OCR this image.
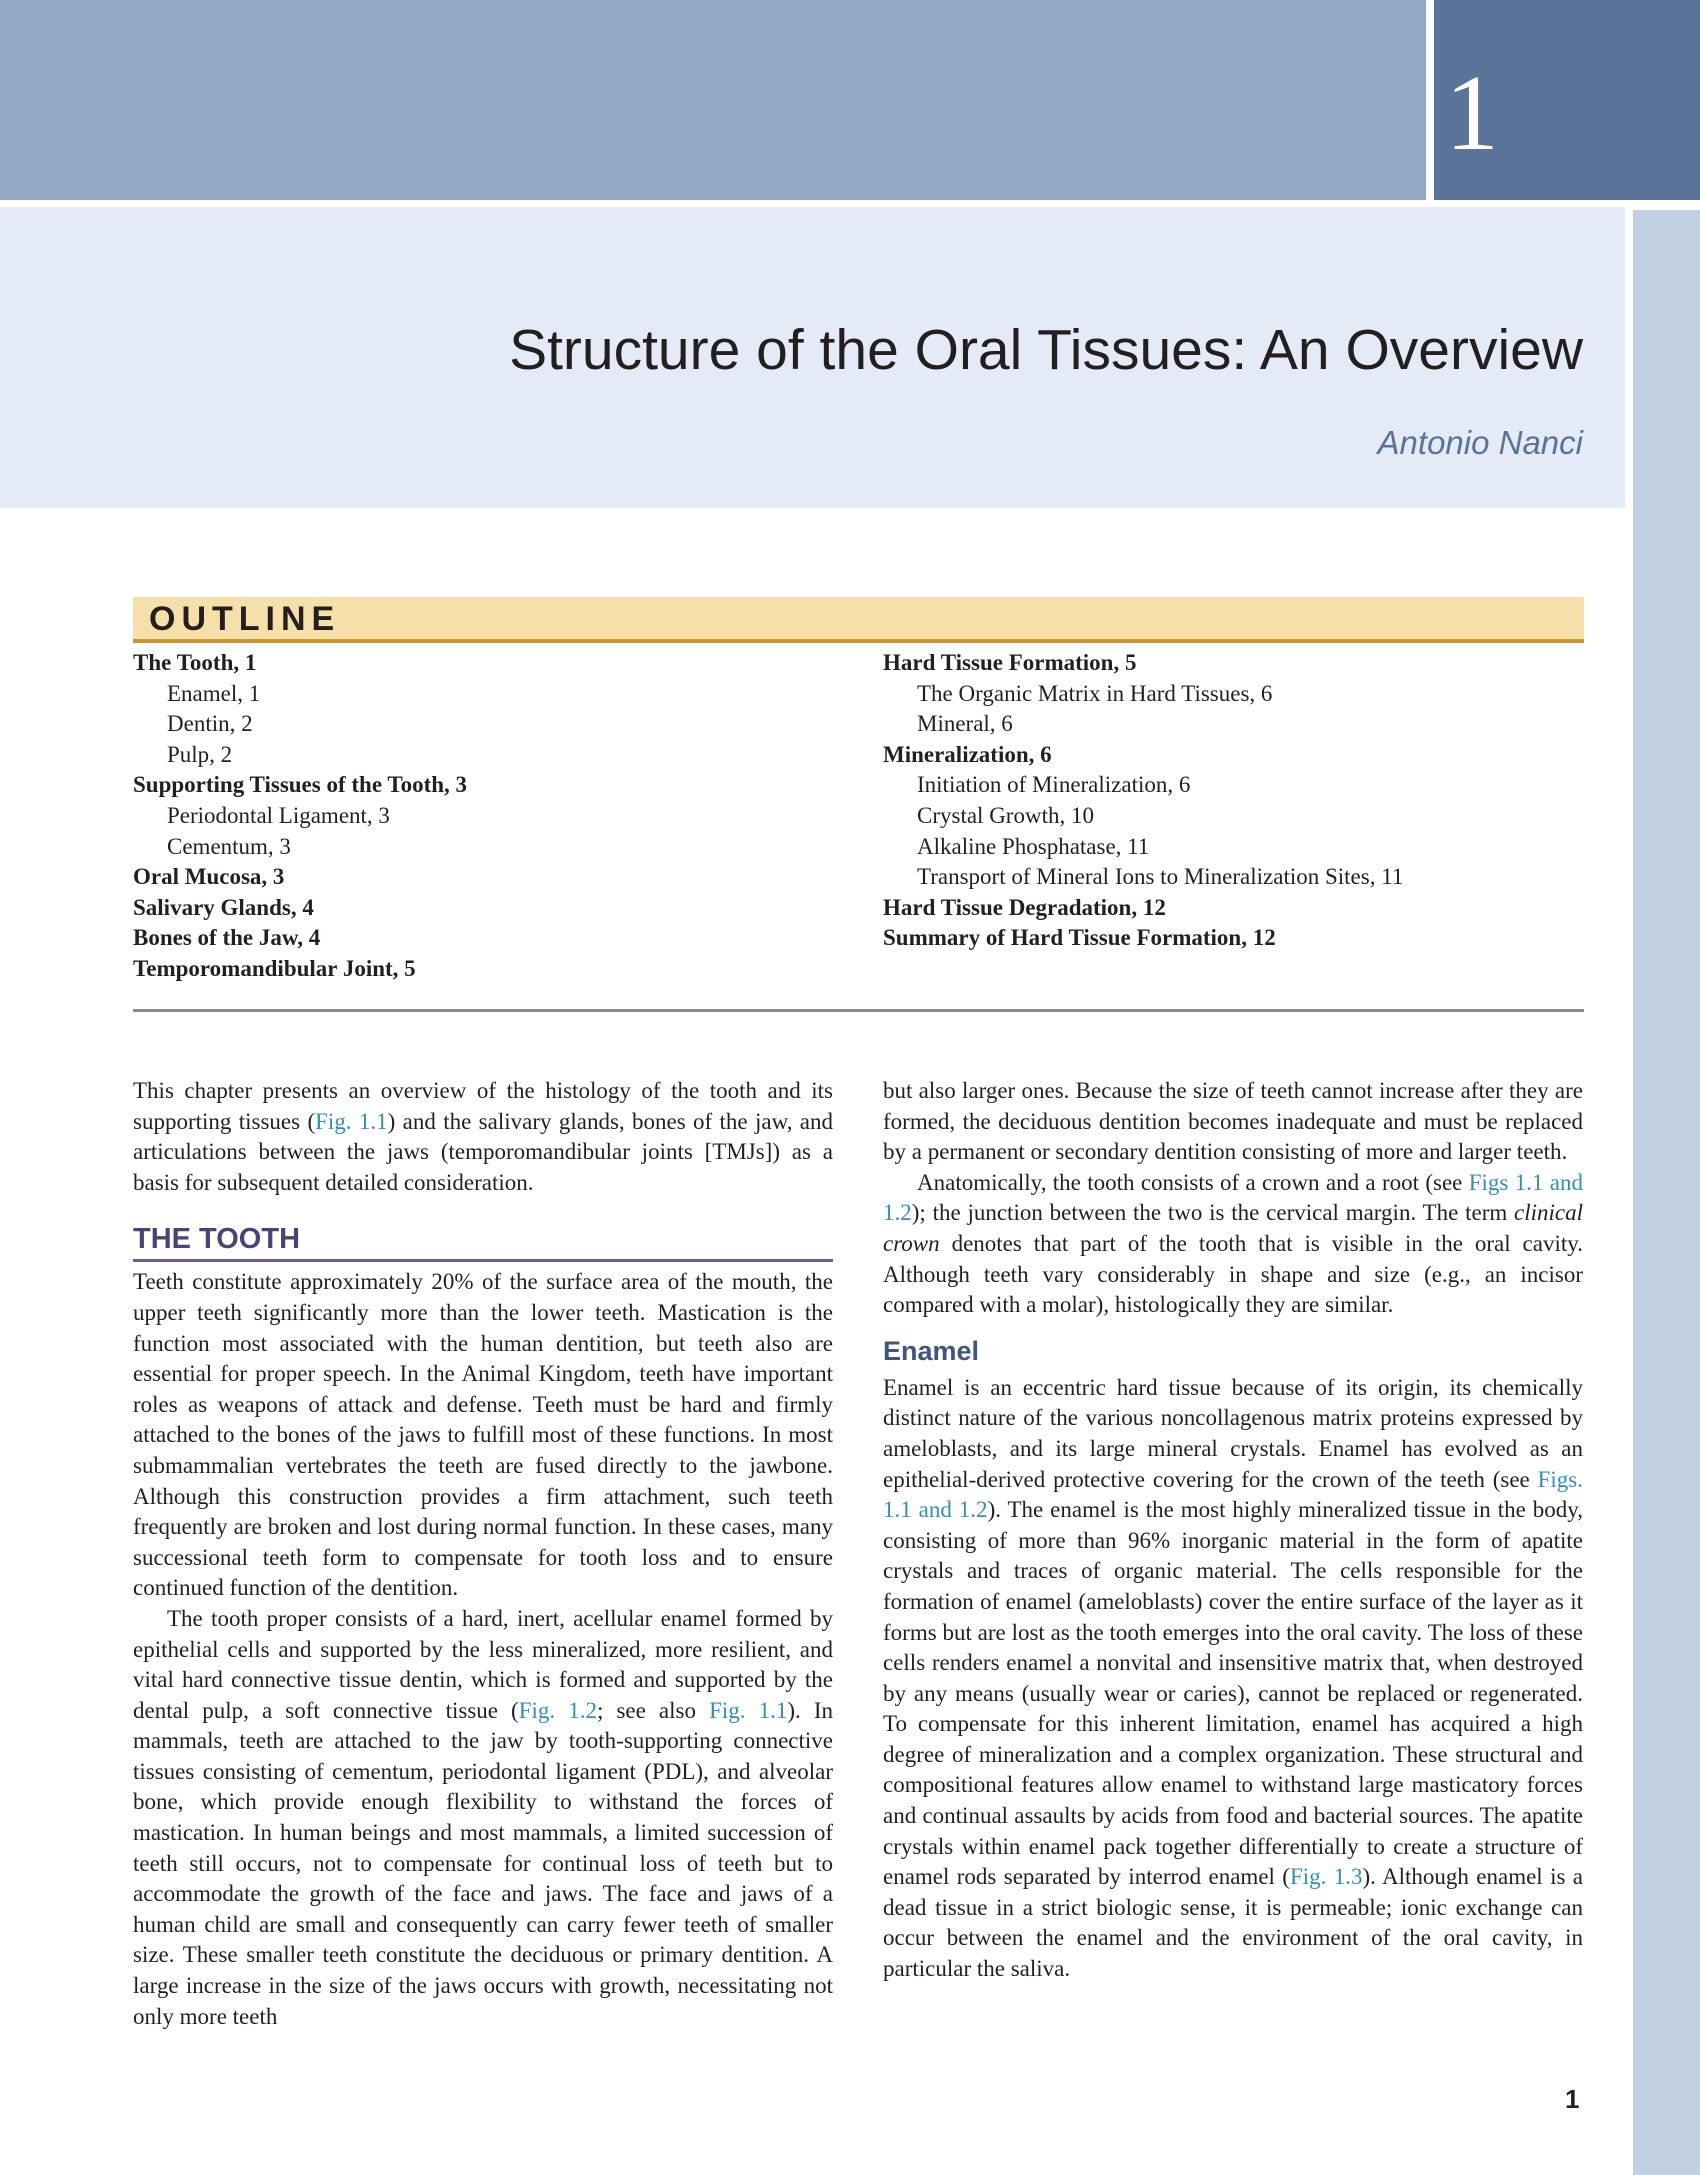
1
Structure of the Oral Tissues: An Overview
Antonio Nanci
OUTLINE
The Tooth, 1
Enamel, 1
Dentin, 2
Pulp, 2
Supporting Tissues of the Tooth, 3
Periodontal Ligament, 3
Cementum, 3
Oral Mucosa, 3
Salivary Glands, 4
Bones of the Jaw, 4
Temporomandibular Joint, 5
Hard Tissue Formation, 5
The Organic Matrix in Hard Tissues, 6
Mineral, 6
Mineralization, 6
Initiation of Mineralization, 6
Crystal Growth, 10
Alkaline Phosphatase, 11
Transport of Mineral Ions to Mineralization Sites, 11
Hard Tissue Degradation, 12
Summary of Hard Tissue Formation, 12

This chapter presents an overview of the histology of the tooth and its supporting tissues (Fig. 1.1) and the salivary glands, bones of the jaw, and articulations between the jaws (temporomandibular joints [TMJs]) as a basis for subsequent detailed consideration.

THE TOOTH

Teeth constitute approximately 20% of the surface area of the mouth, the upper teeth significantly more than the lower teeth. Mastication is the function most associated with the human dentition, but teeth also are essential for proper speech. In the Animal Kingdom, teeth have important roles as weapons of attack and defense. Teeth must be hard and firmly attached to the bones of the jaws to fulfill most of these functions. In most submammalian vertebrates the teeth are fused directly to the jawbone. Although this construction provides a firm attachment, such teeth frequently are broken and lost during normal function. In these cases, many successional teeth form to compensate for tooth loss and to ensure continued function of the dentition.

The tooth proper consists of a hard, inert, acellular enamel formed by epithelial cells and supported by the less mineralized, more resilient, and vital hard connective tissue dentin, which is formed and supported by the dental pulp, a soft connective tissue (Fig. 1.2; see also Fig. 1.1). In mammals, teeth are attached to the jaw by tooth-supporting connective tissues consisting of cementum, periodontal ligament (PDL), and alveolar bone, which provide enough flexibility to withstand the forces of mastication. In human beings and most mammals, a limited succession of teeth still occurs, not to compensate for continual loss of teeth but to accommodate the growth of the face and jaws. The face and jaws of a human child are small and consequently can carry fewer teeth of smaller size. These smaller teeth constitute the deciduous or primary dentition. A large increase in the size of the jaws occurs with growth, necessitating not only more teeth

but also larger ones. Because the size of teeth cannot increase after they are formed, the deciduous dentition becomes inadequate and must be replaced by a permanent or secondary dentition consisting of more and larger teeth.

Anatomically, the tooth consists of a crown and a root (see Figs 1.1 and 1.2); the junction between the two is the cervical margin. The term clinical crown denotes that part of the tooth that is visible in the oral cavity. Although teeth vary considerably in shape and size (e.g., an incisor compared with a molar), histologically they are similar.

Enamel

Enamel is an eccentric hard tissue because of its origin, its chemically distinct nature of the various noncollagenous matrix proteins expressed by ameloblasts, and its large mineral crystals. Enamel has evolved as an epithelial-derived protective covering for the crown of the teeth (see Figs. 1.1 and 1.2). The enamel is the most highly mineralized tissue in the body, consisting of more than 96% inorganic material in the form of apatite crystals and traces of organic material. The cells responsible for the formation of enamel (ameloblasts) cover the entire surface of the layer as it forms but are lost as the tooth emerges into the oral cavity. The loss of these cells renders enamel a nonvital and insensitive matrix that, when destroyed by any means (usually wear or caries), cannot be replaced or regenerated. To compensate for this inherent limitation, enamel has acquired a high degree of mineralization and a complex organization. These structural and compositional features allow enamel to withstand large masticatory forces and continual assaults by acids from food and bacterial sources. The apatite crystals within enamel pack together differentially to create a structure of enamel rods separated by interrod enamel (Fig. 1.3). Although enamel is a dead tissue in a strict biologic sense, it is permeable; ionic exchange can occur between the enamel and the environment of the oral cavity, in particular the saliva.

1
